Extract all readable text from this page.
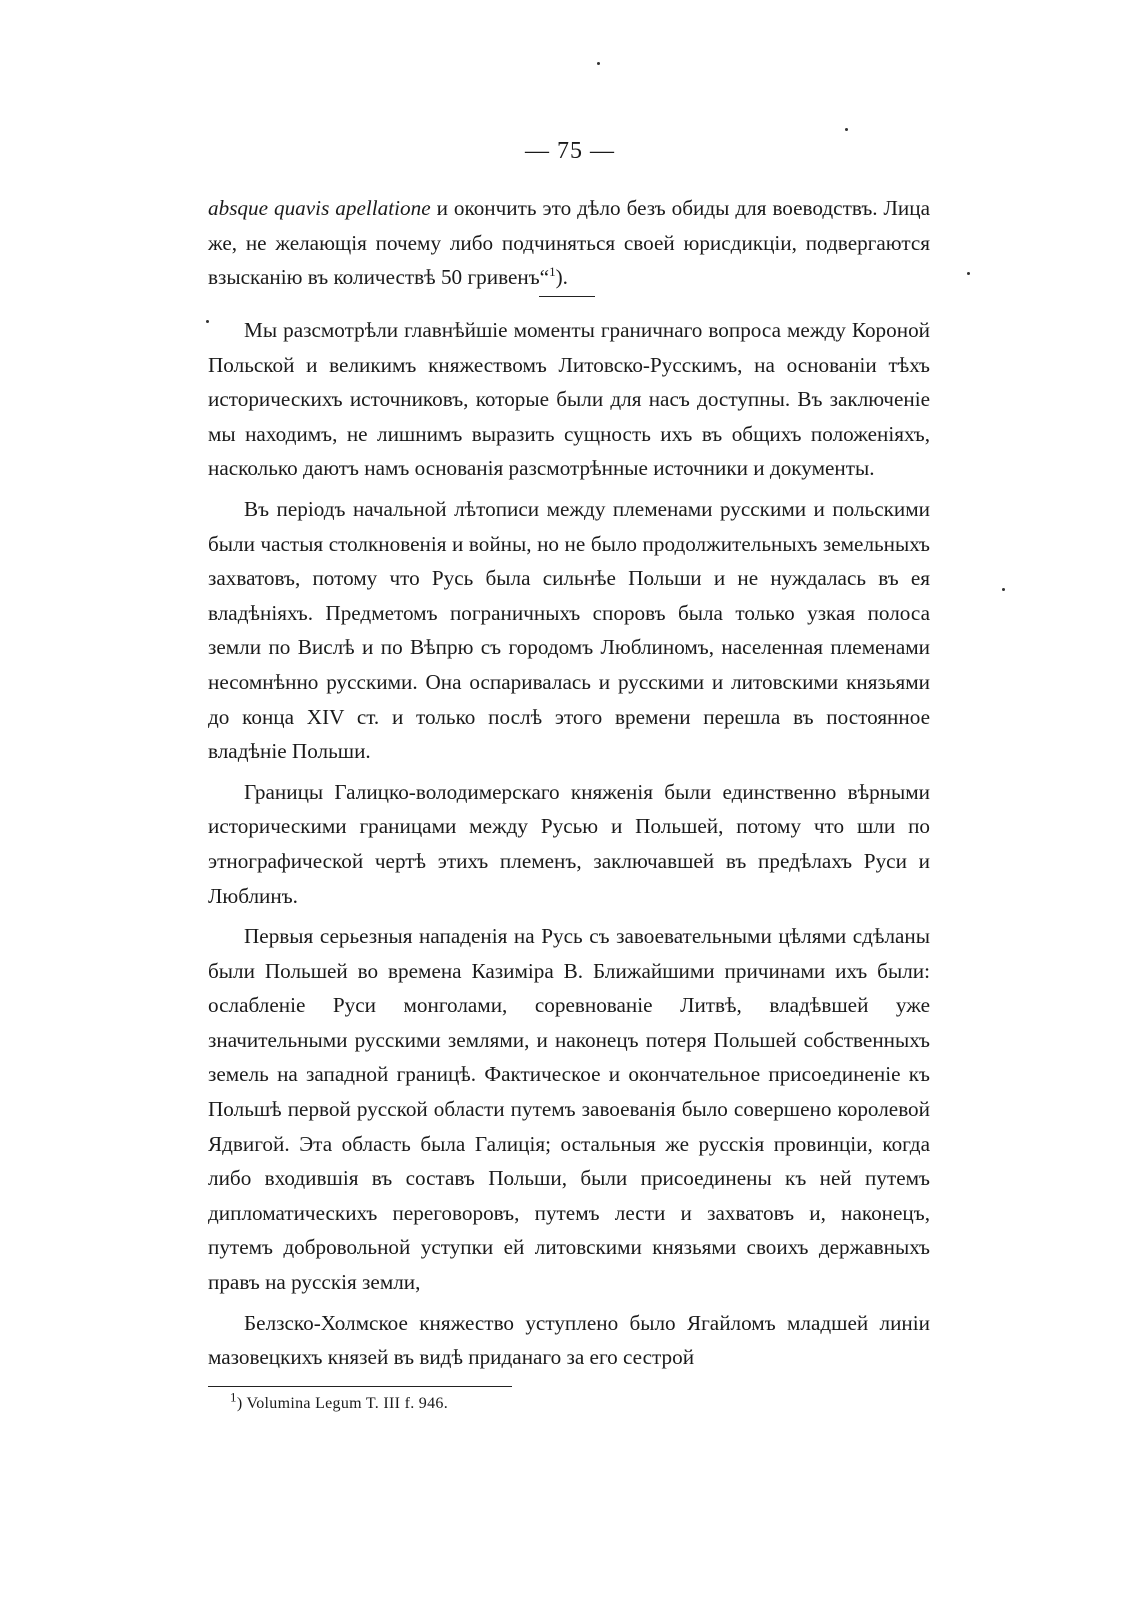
— 75 —

absque quavis apellatione и окончить это дѣло безъ обиды для воеводствъ. Лица же, не желающія почему либо подчиняться своей юрисдикціи, подвергаются взысканію въ количествѣ 50 гривенъ“$^1$).

Мы разсмотрѣли главнѣйшіе моменты граничнаго вопроса между Короной Польской и великимъ княжествомъ Литовско-Русскимъ, на основаніи тѣхъ историческихъ источниковъ, которые были для насъ доступны. Въ заключеніе мы находимъ, не лишнимъ выразить сущность ихъ въ общихъ положеніяхъ, насколько даютъ намъ основанія разсмотрѣнные источники и документы.

Въ періодъ начальной лѣтописи между племенами русскими и польскими были частыя столкновенія и войны, но не было продолжительныхъ земельныхъ захватовъ, потому что Русь была сильнѣе Польши и не нуждалась въ ея владѣніяхъ. Предметомъ пограничныхъ споровъ была только узкая полоса земли по Вислѣ и по Вѣпрю съ городомъ Люблиномъ, населенная племенами несомнѣнно русскими. Она оспаривалась и русскими и литовскими князьями до конца XIV ст. и только послѣ этого времени перешла въ постоянное владѣніе Польши.

Границы Галицко-володимерскаго княженія были единственно вѣрными историческими границами между Русью и Польшей, потому что шли по этнографической чертѣ этихъ племенъ, заключавшей въ предѣлахъ Руси и Люблинъ.

Первыя серьезныя нападенія на Русь съ завоевательными цѣлями сдѣланы были Польшей во времена Казиміра В. Ближайшими причинами ихъ были: ослабленіе Руси монголами, соревнованіе Литвѣ, владѣвшей уже значительными русскими землями, и наконецъ потеря Польшей собственныхъ земель на западной границѣ. Фактическое и окончательное присоединеніе къ Польшѣ первой русской области путемъ завоеванія было совершено королевой Ядвигой. Эта область была Галиція; остальныя же русскія провинціи, когда либо входившія въ составъ Польши, были присоединены къ ней путемъ дипломатическихъ переговоровъ, путемъ лести и захватовъ и, наконецъ, путемъ добровольной уступки ей литовскими князьями своихъ державныхъ правъ на русскія земли,

Белзско-Холмское княжество уступлено было Ягайломъ младшей линіи мазовецкихъ князей въ видѣ приданаго за его сестрой

$^1$) Volumina Legum T. III f. 946.
